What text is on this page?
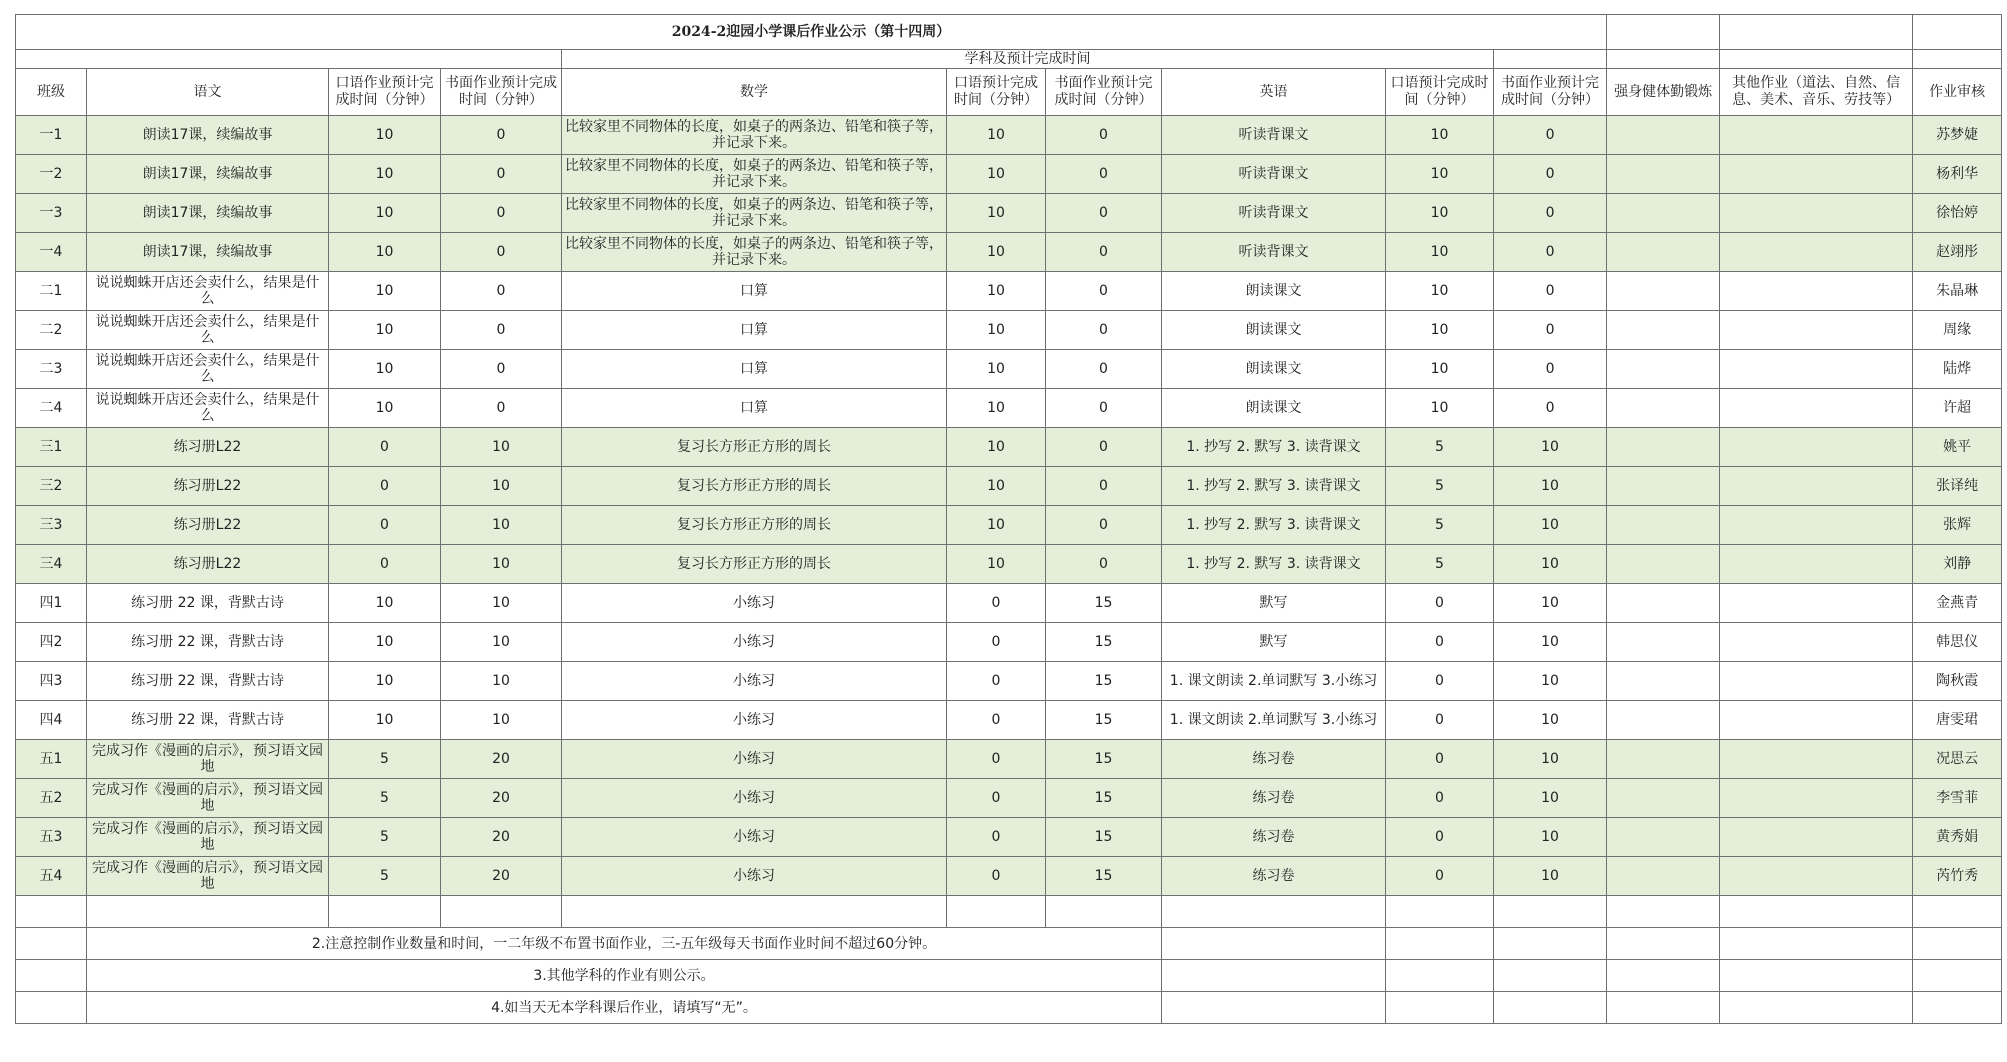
2024-2迎园小学课后作业公示（第十四周）												
				学科及预计完成时间								
班级	语文	口语作业预计完成时间（分钟）	书面作业预计完成时间（分钟）	数学	口语预计完成时间（分钟）	书面作业预计完成时间（分钟）	英语	口语预计完成时间（分钟）	书面作业预计完成时间（分钟）	强身健体勤锻炼	其他作业（道法、自然、信息、美术、音乐、劳技等）	作业审核
一1	朗读17课，续编故事	10	0	比较家里不同物体的长度，如桌子的两条边、铅笔和筷子等，并记录下来。	10	0	听读背课文	10	0			苏梦婕
一2	朗读17课，续编故事	10	0	比较家里不同物体的长度，如桌子的两条边、铅笔和筷子等，并记录下来。	10	0	听读背课文	10	0			杨利华
一3	朗读17课，续编故事	10	0	比较家里不同物体的长度，如桌子的两条边、铅笔和筷子等，并记录下来。	10	0	听读背课文	10	0			徐怡婷
一4	朗读17课，续编故事	10	0	比较家里不同物体的长度，如桌子的两条边、铅笔和筷子等，并记录下来。	10	0	听读背课文	10	0			赵翊彤
二1	说说蜘蛛开店还会卖什么，结果是什么	10	0	口算	10	0	朗读课文	10	0			朱晶琳
二2	说说蜘蛛开店还会卖什么，结果是什么	10	0	口算	10	0	朗读课文	10	0			周缘
二3	说说蜘蛛开店还会卖什么，结果是什么	10	0	口算	10	0	朗读课文	10	0			陆烨
二4	说说蜘蛛开店还会卖什么，结果是什么	10	0	口算	10	0	朗读课文	10	0			许超
三1	练习册L22	0	10	复习长方形正方形的周长	10	0	1. 抄写 2. 默写 3. 读背课文	5	10			姚平
三2	练习册L22	0	10	复习长方形正方形的周长	10	0	1. 抄写 2. 默写 3. 读背课文	5	10			张译纯
三3	练习册L22	0	10	复习长方形正方形的周长	10	0	1. 抄写 2. 默写 3. 读背课文	5	10			张辉
三4	练习册L22	0	10	复习长方形正方形的周长	10	0	1. 抄写 2. 默写 3. 读背课文	5	10			刘静
四1	练习册 22 课，背默古诗	10	10	小练习	0	15	默写	0	10			金燕青
四2	练习册 22 课，背默古诗	10	10	小练习	0	15	默写	0	10			韩思仪
四3	练习册 22 课，背默古诗	10	10	小练习	0	15	1. 课文朗读 2.单词默写 3.小练习	0	10			陶秋霞
四4	练习册 22 课，背默古诗	10	10	小练习	0	15	1. 课文朗读 2.单词默写 3.小练习	0	10			唐雯珺
五1	完成习作《漫画的启示》，预习语文园地	5	20	小练习	0	15	练习卷	0	10			况思云
五2	完成习作《漫画的启示》，预习语文园地	5	20	小练习	0	15	练习卷	0	10			李雪菲
五3	完成习作《漫画的启示》，预习语文园地	5	20	小练习	0	15	练习卷	0	10			黄秀娟
五4	完成习作《漫画的启示》，预习语文园地	5	20	小练习	0	15	练习卷	0	10			芮竹秀

	2.注意控制作业数量和时间，一二年级不布置书面作业，三-五年级每天书面作业时间不超过60分钟。											
	3.其他学科的作业有则公示。											
	4.如当天无本学科课后作业，请填写“无”。											
